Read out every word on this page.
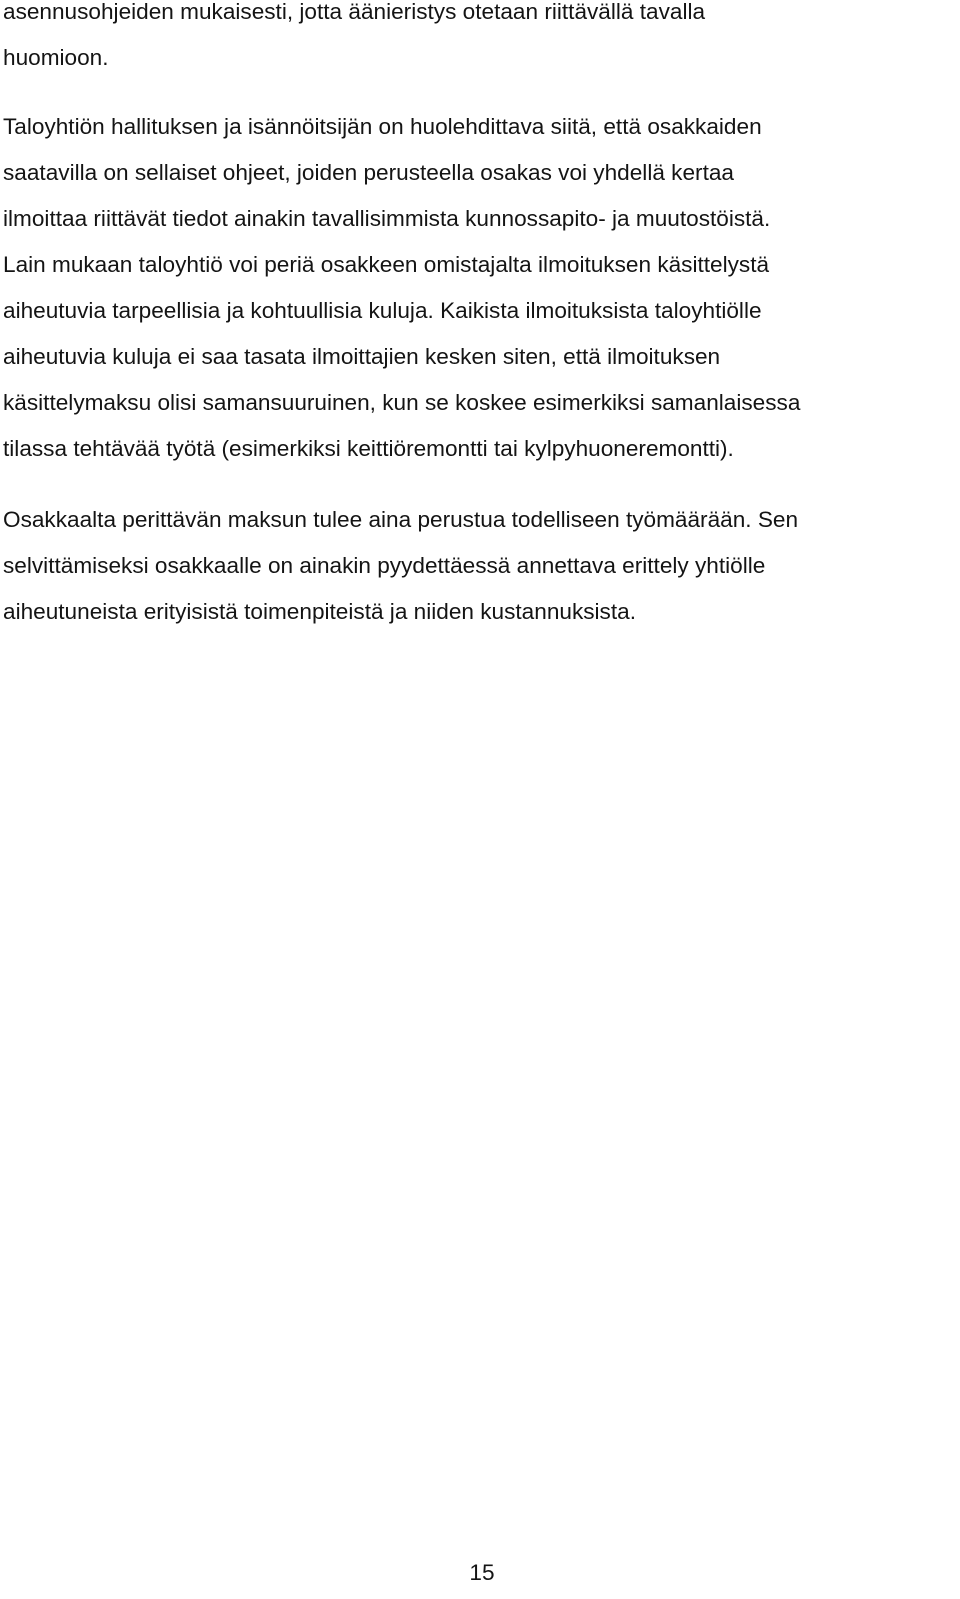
asennusohjeiden mukaisesti, jotta äänieristys otetaan riittävällä tavalla
huomioon.

Taloyhtiön hallituksen ja isännöitsijän on huolehdittava siitä, että osakkaiden
saatavilla on sellaiset ohjeet, joiden perusteella osakas voi yhdellä kertaa
ilmoittaa riittävät tiedot ainakin tavallisimmista kunnossapito- ja muutostöistä.
Lain mukaan taloyhtiö voi periä osakkeen omistajalta ilmoituksen käsittelystä
aiheutuvia tarpeellisia ja kohtuullisia kuluja. Kaikista ilmoituksista taloyhtiölle
aiheutuvia kuluja ei saa tasata ilmoittajien kesken siten, että ilmoituksen
käsittelymaksu olisi samansuuruinen, kun se koskee esimerkiksi samanlaisessa
tilassa tehtävää työtä (esimerkiksi keittiöremontti tai kylpyhuoneremontti).

Osakkaalta perittävän maksun tulee aina perustua todelliseen työmäärään. Sen
selvittämiseksi osakkaalle on ainakin pyydettäessä annettava erittely yhtiölle
aiheutuneista erityisistä toimenpiteistä ja niiden kustannuksista.

15
